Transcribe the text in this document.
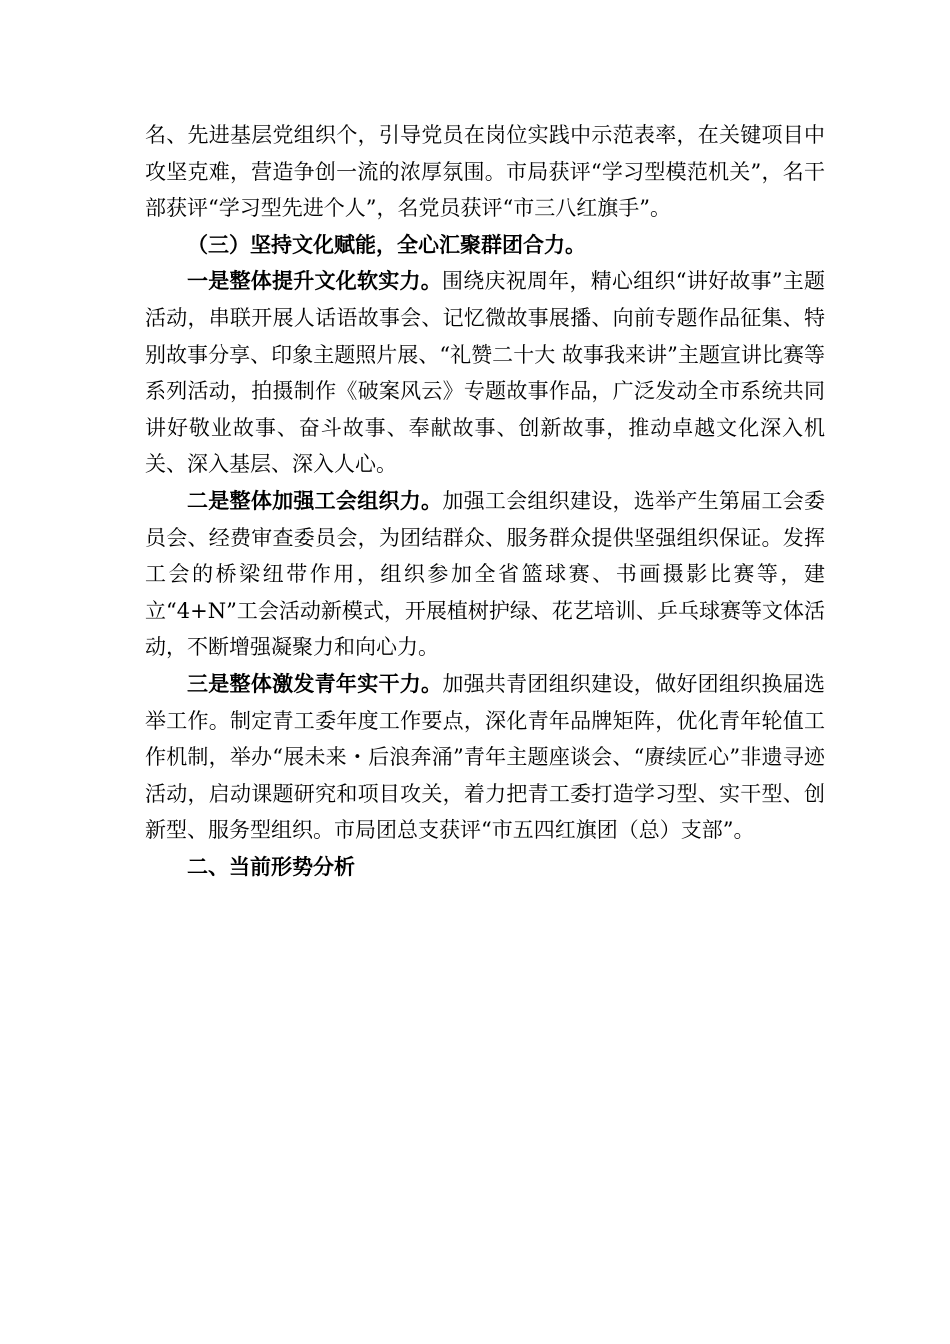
名、先进基层党组织个，引导党员在岗位实践中示范表率，在关键项目中攻坚克难，营造争创一流的浓厚氛围。市局获评“学习型模范机关”，名干部获评“学习型先进个人”，名党员获评“市三八红旗手”。

（三）坚持文化赋能，全心汇聚群团合力。

一是整体提升文化软实力。围绕庆祝周年，精心组织“讲好故事”主题活动，串联开展人话语故事会、记忆微故事展播、向前专题作品征集、特别故事分享、印象主题照片展、“礼赞二十大 故事我来讲”主题宣讲比赛等系列活动，拍摄制作《破案风云》专题故事作品，广泛发动全市系统共同讲好敬业故事、奋斗故事、奉献故事、创新故事，推动卓越文化深入机关、深入基层、深入人心。

二是整体加强工会组织力。加强工会组织建设，选举产生第届工会委员会、经费审查委员会，为团结群众、服务群众提供坚强组织保证。发挥工会的桥梁纽带作用，组织参加全省篮球赛、书画摄影比赛等，建立“4+N”工会活动新模式，开展植树护绿、花艺培训、乒乓球赛等文体活动，不断增强凝聚力和向心力。

三是整体激发青年实干力。加强共青团组织建设，做好团组织换届选举工作。制定青工委年度工作要点，深化青年品牌矩阵，优化青年轮值工作机制，举办“展未来・后浪奔涌”青年主题座谈会、“赓续匠心”非遗寻迹活动，启动课题研究和项目攻关，着力把青工委打造学习型、实干型、创新型、服务型组织。市局团总支获评“市五四红旗团（总）支部”。

二、当前形势分析
